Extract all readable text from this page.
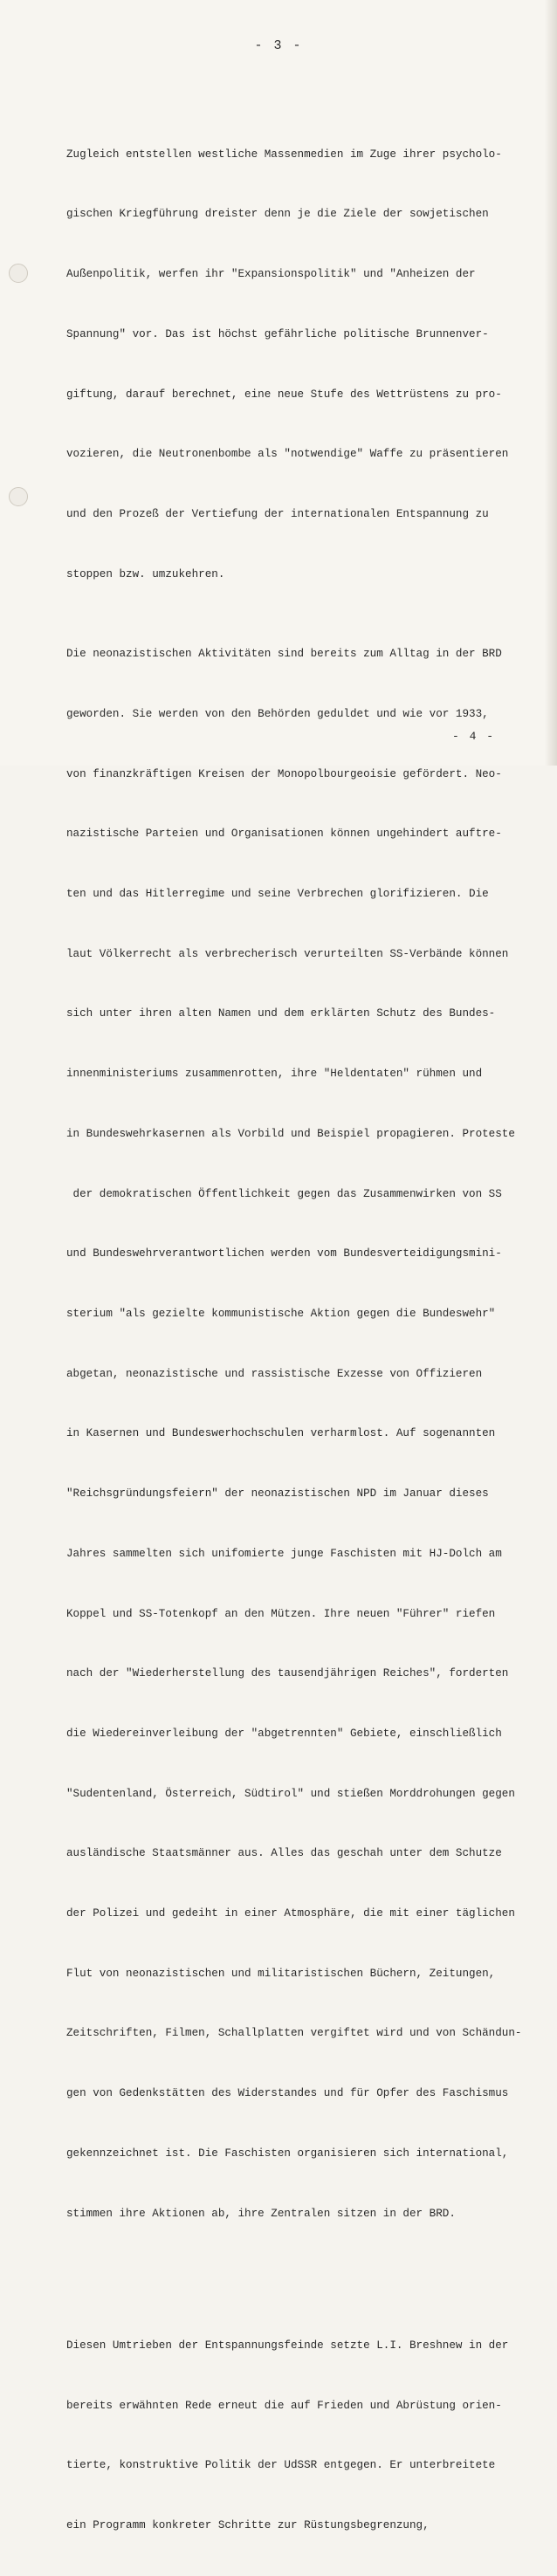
- 3 -

Zugleich entstellen westliche Massenmedien im Zuge ihrer psycholo-

gischen Kriegführung dreister denn je die Ziele der sowjetischen

Außenpolitik, werfen ihr "Expansionspolitik" und "Anheizen der

Spannung" vor. Das ist höchst gefährliche politische Brunnenver-

giftung, darauf berechnet, eine neue Stufe des Wettrüstens zu pro-

vozieren, die Neutronenbombe als "notwendige" Waffe zu präsentieren

und den Prozeß der Vertiefung der internationalen Entspannung zu

stoppen bzw. umzukehren.

Die neonazistischen Aktivitäten sind bereits zum Alltag in der BRD

geworden. Sie werden von den Behörden geduldet und wie vor 1933,

von finanzkräftigen Kreisen der Monopolbourgeoisie gefördert. Neo-

nazistische Parteien und Organisationen können ungehindert auftre-

ten und das Hitlerregime und seine Verbrechen glorifizieren. Die

laut Völkerrecht als verbrecherisch verurteilten SS-Verbände können

sich unter ihren alten Namen und dem erklärten Schutz des Bundes-

innenministeriums zusammenrotten, ihre "Heldentaten" rühmen und

in Bundeswehrkasernen als Vorbild und Beispiel propagieren. Proteste

der demokratischen Öffentlichkeit gegen das Zusammenwirken von SS

und Bundeswehrverantwortlichen werden vom Bundesverteidigungsmini-

sterium "als gezielte kommunistische Aktion gegen die Bundeswehr"

abgetan, neonazistische und rassistische Exzesse von Offizieren

in Kasernen und Bundeswerhochschulen verharmlost. Auf sogenannten

"Reichsgründungsfeiern" der neonazistischen NPD im Januar dieses

Jahres sammelten sich unifomierte junge Faschisten mit HJ-Dolch am

Koppel und SS-Totenkopf an den Mützen. Ihre neuen "Führer" riefen

nach der "Wiederherstellung des tausendjährigen Reiches", forderten

die Wiedereinverleibung der "abgetrennten" Gebiete, einschließlich

"Sudentenland, Österreich, Südtirol" und stießen Morddrohungen gegen

ausländische Staatsmänner aus. Alles das geschah unter dem Schutze

der Polizei und gedeiht in einer Atmosphäre, die mit einer täglichen

Flut von neonazistischen und militaristischen Büchern, Zeitungen,

Zeitschriften, Filmen, Schallplatten vergiftet wird und von Schändun-

gen von Gedenkstätten des Widerstandes und für Opfer des Faschismus

gekennzeichnet ist. Die Faschisten organisieren sich international,

stimmen ihre Aktionen ab, ihre Zentralen sitzen in der BRD.

Diesen Umtrieben der Entspannungsfeinde setzte L.I. Breshnew in der

bereits erwähnten Rede erneut die auf Frieden und Abrüstung orien-

tierte, konstruktive Politik der UdSSR entgegen. Er unterbreitete

ein Programm konkreter Schritte zur Rüstungsbegrenzung,

- 4 -
